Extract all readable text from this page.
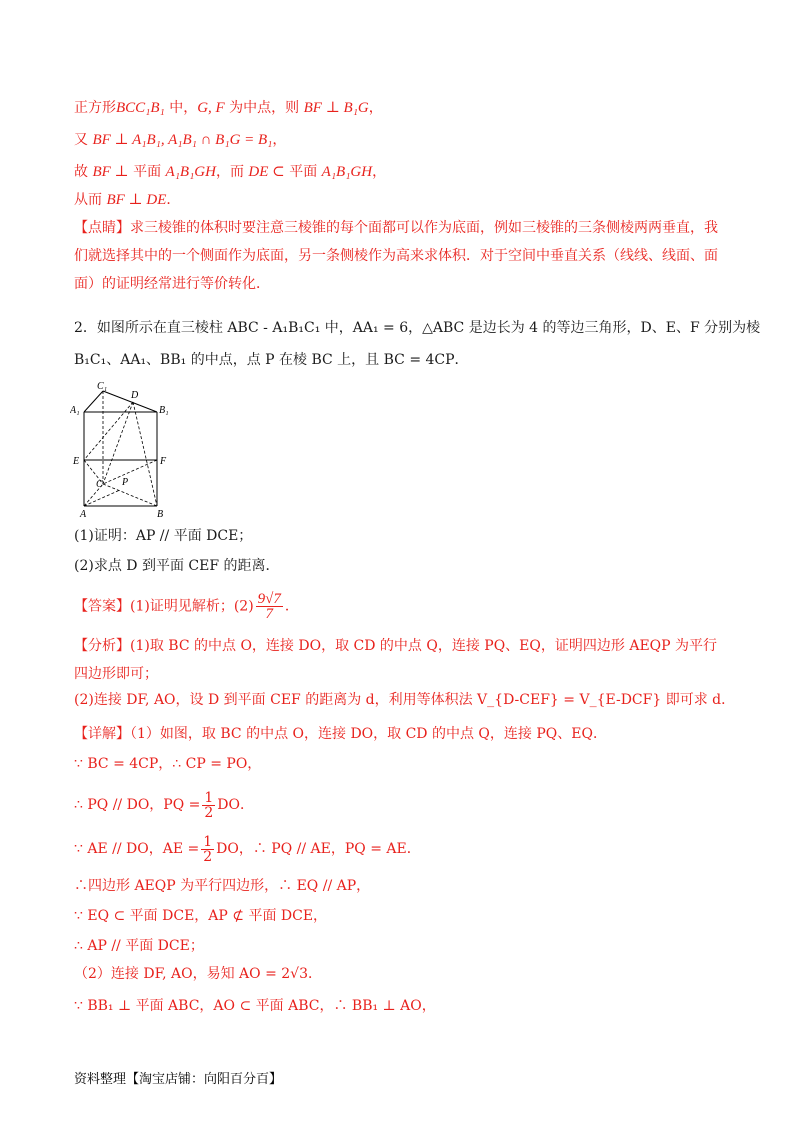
正方形BCC₁B₁ 中，G, F 为中点，则 BF ⊥ B₁G，
又 BF ⊥ A₁B₁, A₁B₁ ∩ B₁G = B₁，
故 BF ⊥ 平面 A₁B₁GH，而 DE ⊂ 平面 A₁B₁GH，
从而 BF ⊥ DE．
【点睛】求三棱锥的体积时要注意三棱锥的每个面都可以作为底面，例如三棱锥的三条侧棱两两垂直，我们就选择其中的一个侧面作为底面，另一条侧棱作为高来求体积．对于空间中垂直关系（线线、线面、面面）的证明经常进行等价转化．
2．如图所示在直三棱柱 ABC - A₁B₁C₁ 中，AA₁ = 6，△ABC 是边长为 4 的等边三角形，D、E、F 分别为棱
B₁C₁、AA₁、BB₁ 的中点，点 P 在棱 BC 上，且 BC = 4CP．
C₁
D
A₁	B₁
E	F
C P
A	B
(1)证明：AP // 平面 DCE；
(2)求点 D 到平面 CEF 的距离．
【答案】(1)证明见解析；$(2) \frac{9√7}{7}$ ．
【分析】(1)取 BC 的中点 O，连接 DO，取 CD 的中点 Q，连接 PQ、EQ，证明四边形 AEQP 为平行四边形即可；
(2)连接 DF, AO，设 D 到平面 CEF 的距离为 d，利用等体积法 V_{D-CEF} = V_{E-DCF} 即可求 d．
【详解】（1）如图，取 BC 的中点 O，连接 DO，取 CD 的中点 Q，连接 PQ、EQ．
∵ BC = 4CP，∴ CP = PO，
∴ PQ // DO，PQ = $\frac{1}{2}$ DO．
∵ AE // DO，AE = $\frac{1}{2}$ DO，∴ PQ // AE，PQ = AE．
∴四边形 AEQP 为平行四边形，∴ EQ // AP，
∵ EQ ⊂ 平面 DCE，AP ⊄ 平面 DCE，
∴ AP // 平面 DCE；
（2）连接 DF, AO，易知 AO = 2√3．
∵ BB₁ ⊥ 平面 ABC，AO ⊂ 平面 ABC，∴ BB₁ ⊥ AO，
资料整理【淘宝店铺：向阳百分百】
